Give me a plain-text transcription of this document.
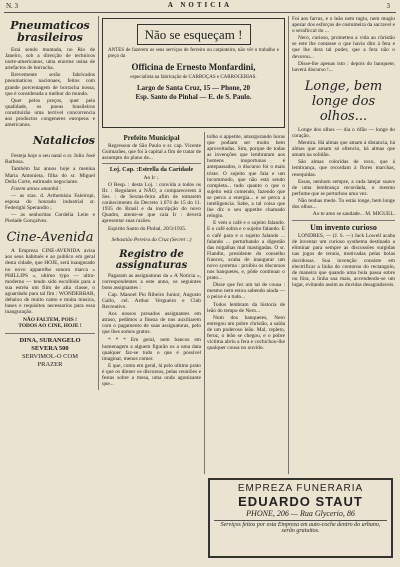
N. 3	A NOTICIA	3

Pneumaticos brasileiros

Está sendo montada, no Rio de Janeiro, sob a direcção de technicos norte-americanos, uma enorme usina de artefactos de borracha.

Brevemente serão fabricados pneumaticos nacionaes, feitos com grande porcentagem de borracha nossa, que é considerada a melhor do mundo.

Quer pelos preços, quer pela qualidade, os pneus brasileiros constituirão uma terrivel concorrencia aos productos congeneres europeus e americanos.

Natalicios

Festeja hoje o seu natal o sr. Julio José Barbosa.

Também faz annos hoje a menina Maria Antonieta, filha do sr. Miguel Della Corte, estimado negociante.

Fazem annos amanhã :

— as sras. d. Arthemisia Faleiropi, esposa do honrado industrial sr. Federighi Sperandio ;

— as senhoritas Cordelia Leite e Piedade Gonçalves.

Cine-Avenida

A Empreza CINE-AVENIDA avisa aos seus habitués e ao publico em geral desta cidade, que HOJE, será inaugurado no novo apparelho sonoro marca « PHILLIPS », ultimo typo — ultra-moderno — tendo sido escolhido para a sua estréa um film de alta classe, o aguardado para tal fim : WONDERBAR, debaixo de muito canto e muita musica, bases e requisitos necessarios para essa inauguração.

NÃO FALTEM, POIS !

TODOS AO CINE, HOJE !

DINA, SURANGELO

SEVERA 500

SERVIMOL-O COM

PRAZER

Não se esqueçam !

ANTES de fazerem os seus serviços de ferreiro ou carpinteiro, não vêr o trabalho e preço da

Officina de Ernesto Monfardini,

especialista na fabricação de CARROÇAS e CARROCERIAS.

Largo de Santa Cruz, 15 — Phone, 20

Esp. Santo do Pinhal — E. de S. Paulo.

Prefeito Municipal

Regressou de São Paulo o sr. cap. Vicente Guimarães, que foi à capital a fim de tratar de assumpto do plano de...

Loj. Cap. :Estrella da Caridade

Ao Ir :.

O Resp. : desta Loj. : convida a todos os IIr. : Regulares a NÃO, a comparecerem á Ses. : de Sextas-feira afim de tomarem conhecimento do Decreto 1.074 de 15 do 11. 1935 do Brasil e da inscripção do novo Quadro, atente-se que caia Ir : deverá apresentar suas razões.

Espirito Santo do Pinhal, 20/3/1935.

Sebastião Pereira da Cruz (Secret :.)

Registro de assignaturas

Pagaram as assignaturas da « A Noticia », correspondentes a este anno, os seguintes bons assignantes :

Cap. Manoel Pio Ribeiro Junior, Augusto Gallo, cel. Arthur Vergueiro e Club Recreativo.

Aos nossos presados assignantes em atraso, pedimos a fineza de nos auxiliarem com o pagamento de suas assignaturas, pelo que lhes somos gratos.

* * * Em geral, nem bancos em homenagem a alguem figurão os a uma data qualquer faz-se tudo o que é possivel imaginar, menos comer.

E que, como em geral, lá pelo ultimo prato é que os dinner os discursos, pelas reuniões e festas sobre a mesa, uma onda agonizante que...

tolho o appetite, amargurando horas que podiam ser muito bem aproveitadas. Sim, porque de todas as invenções que lembraram aos homens inoportunas é antepassados, o discurso foi o mais triste. O sujeito que fala e um incommodo, que não está sendo completa... tudo quanto o que o sujeito está comendo, fazendo que se perca a energia... e se perca a intelligencia. Sabe, a tal coisa que lhe diz o seu appetite chamado relogio.

E vem o café e o sujeito falando. E o café sobra e o sujeito falando. E o café para e o sujeito falando ... falando ... perturbando a digestão das migalhas mal mastigadas. O sr. Flandin, presidente do conselho francez, acaba de inaugurar um novo systema : proibiu os discursos nos banquetes, e, pôde continuar o prato...

Disse que fez um tal de cousa : mesmo nem estou sabendo ainda — o peixe é a tudo...

Todos lembram da historia de leão do tempo de Nero...

Num dos banquetes, Nero entregou um pobre christão, a saída de um poderoso leão. Mal, repleto, feroz, o leão se chegou, e o pobre victima abriu a fera e cochichou-lhe qualquer cousa no ouvido.

Foi aos farrus, e o leão nem tugiu, nem mugiu apezar dos esforços de costumeira da sacravel e o seraficcal do ...

Nero, curioso, prometteu a vida ao christão se este lhe contasse o que havia dito á fera e que lhe dera tal poder, que a fera não o devorou...

Disse-lhe apenas isto : depois do banquete, haverá discurso !...

Longe, bem longe dos olhos...

Longe dos olhos — dia o rifão — longe do coração.

Mentira. Há almas que amam á distancia, há almas que amam só ellencio, há almas que amam na solidão.

São almas coloridas de roxo, que á lembrança, que recordam à flores marchas, resequidas.

Essas, nenhum sempre, a cada latejar suave de uma lembrança recordada, o mesmo perfume que se perturbou uma vez.

Não tenhas medo. Tu estás longe, bem longe dos olhos...

Ao te amo se saudade... M. MIGUEL.

Um invento curioso

LONDRES, — (J. S. —) Jack Lowell acaba de inventar um curioso systhema destinado a eliminar para sempre as discussões surgidas nas jogos de tennis, motivadas pelas bolas duvidosas. Sua invenção consiste em electrificar a linha do contorno do rectangulo, de maneira que quando uma bola passa sobre ou fóra, a linha soa mais, accendendo-se um lugar, evitando assim as duvidas desagradaveis.

EMPREZA FUNERARIA
EDUARDO STAUT
PHONE, 206 — Rua Glycerio, 86
Serviços feitos por esta Empreza em auto-coche dentro do urbano, serão gratuitos.
